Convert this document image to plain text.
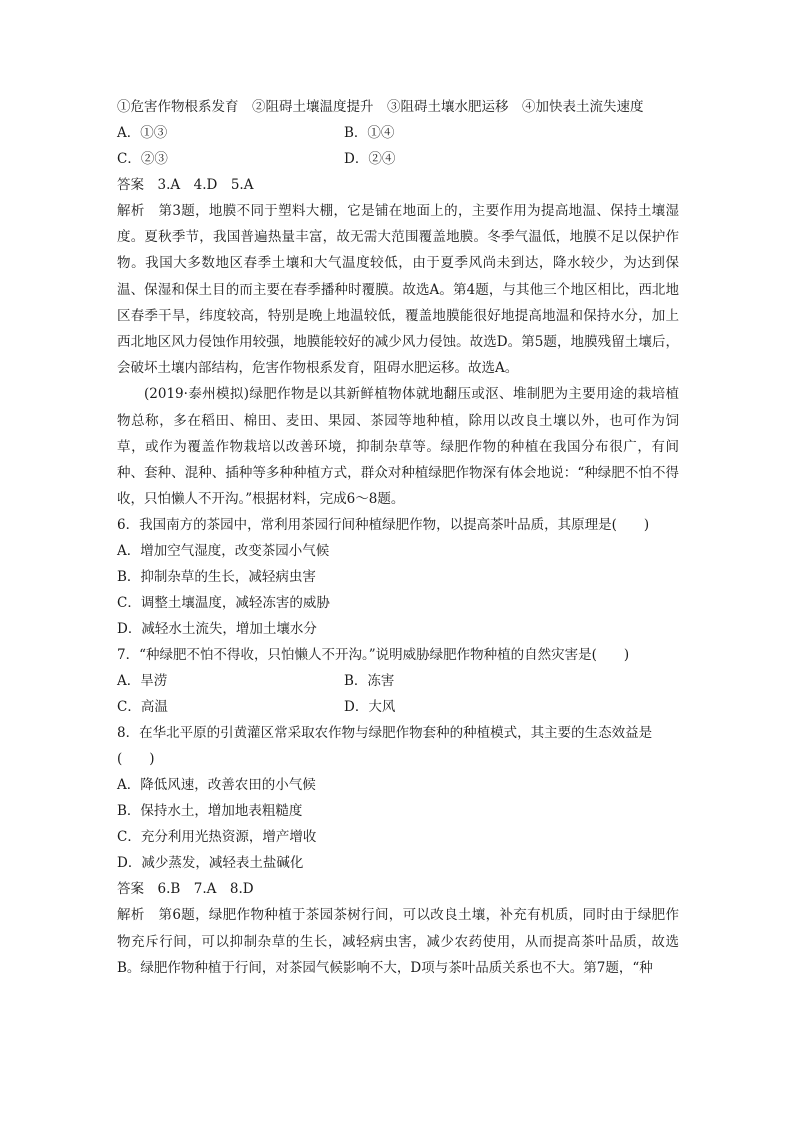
①危害作物根系发育　②阻碍土壤温度提升　③阻碍土壤水肥运移　④加快表土流失速度
A．①③	B．①④
C．②③	D．②④
答案　3.A　4.D　5.A
解析　第3题，地膜不同于塑料大棚，它是铺在地面上的，主要作用为提高地温、保持土壤湿度。夏秋季节，我国普遍热量丰富，故无需大范围覆盖地膜。冬季气温低，地膜不足以保护作物。我国大多数地区春季土壤和大气温度较低，由于夏季风尚未到达，降水较少，为达到保温、保湿和保土目的而主要在春季播种时覆膜。故选A。第4题，与其他三个地区相比，西北地区春季干旱，纬度较高，特别是晚上地温较低，覆盖地膜能很好地提高地温和保持水分，加上西北地区风力侵蚀作用较强，地膜能较好的减少风力侵蚀。故选D。第5题，地膜残留土壤后，会破坏土壤内部结构，危害作物根系发育，阻碍水肥运移。故选A。
(2019·泰州模拟)绿肥作物是以其新鲜植物体就地翻压或沤、堆制肥为主要用途的栽培植物总称，多在稻田、棉田、麦田、果园、茶园等地种植，除用以改良土壤以外，也可作为饲草，或作为覆盖作物栽培以改善环境，抑制杂草等。绿肥作物的种植在我国分布很广，有间种、套种、混种、插种等多种种植方式，群众对种植绿肥作物深有体会地说：“种绿肥不怕不得收，只怕懒人不开沟。”根据材料，完成6～8题。
6．我国南方的茶园中，常利用茶园行间种植绿肥作物，以提高茶叶品质，其原理是(　　)
A．增加空气湿度，改变茶园小气候
B．抑制杂草的生长，减轻病虫害
C．调整土壤温度，减轻冻害的威胁
D．减轻水土流失，增加土壤水分
7．“种绿肥不怕不得收，只怕懒人不开沟。”说明威胁绿肥作物种植的自然灾害是(　　)
A．旱涝	B．冻害
C．高温	D．大风
8．在华北平原的引黄灌区常采取农作物与绿肥作物套种的种植模式，其主要的生态效益是
(　　)
A．降低风速，改善农田的小气候
B．保持水土，增加地表粗糙度
C．充分利用光热资源，增产增收
D．减少蒸发，减轻表土盐碱化
答案　6.B　7.A　8.D
解析　第6题，绿肥作物种植于茶园茶树行间，可以改良土壤，补充有机质，同时由于绿肥作物充斥行间，可以抑制杂草的生长，减轻病虫害，减少农药使用，从而提高茶叶品质，故选B。绿肥作物种植于行间，对茶园气候影响不大，D项与茶叶品质关系也不大。第7题，“种
